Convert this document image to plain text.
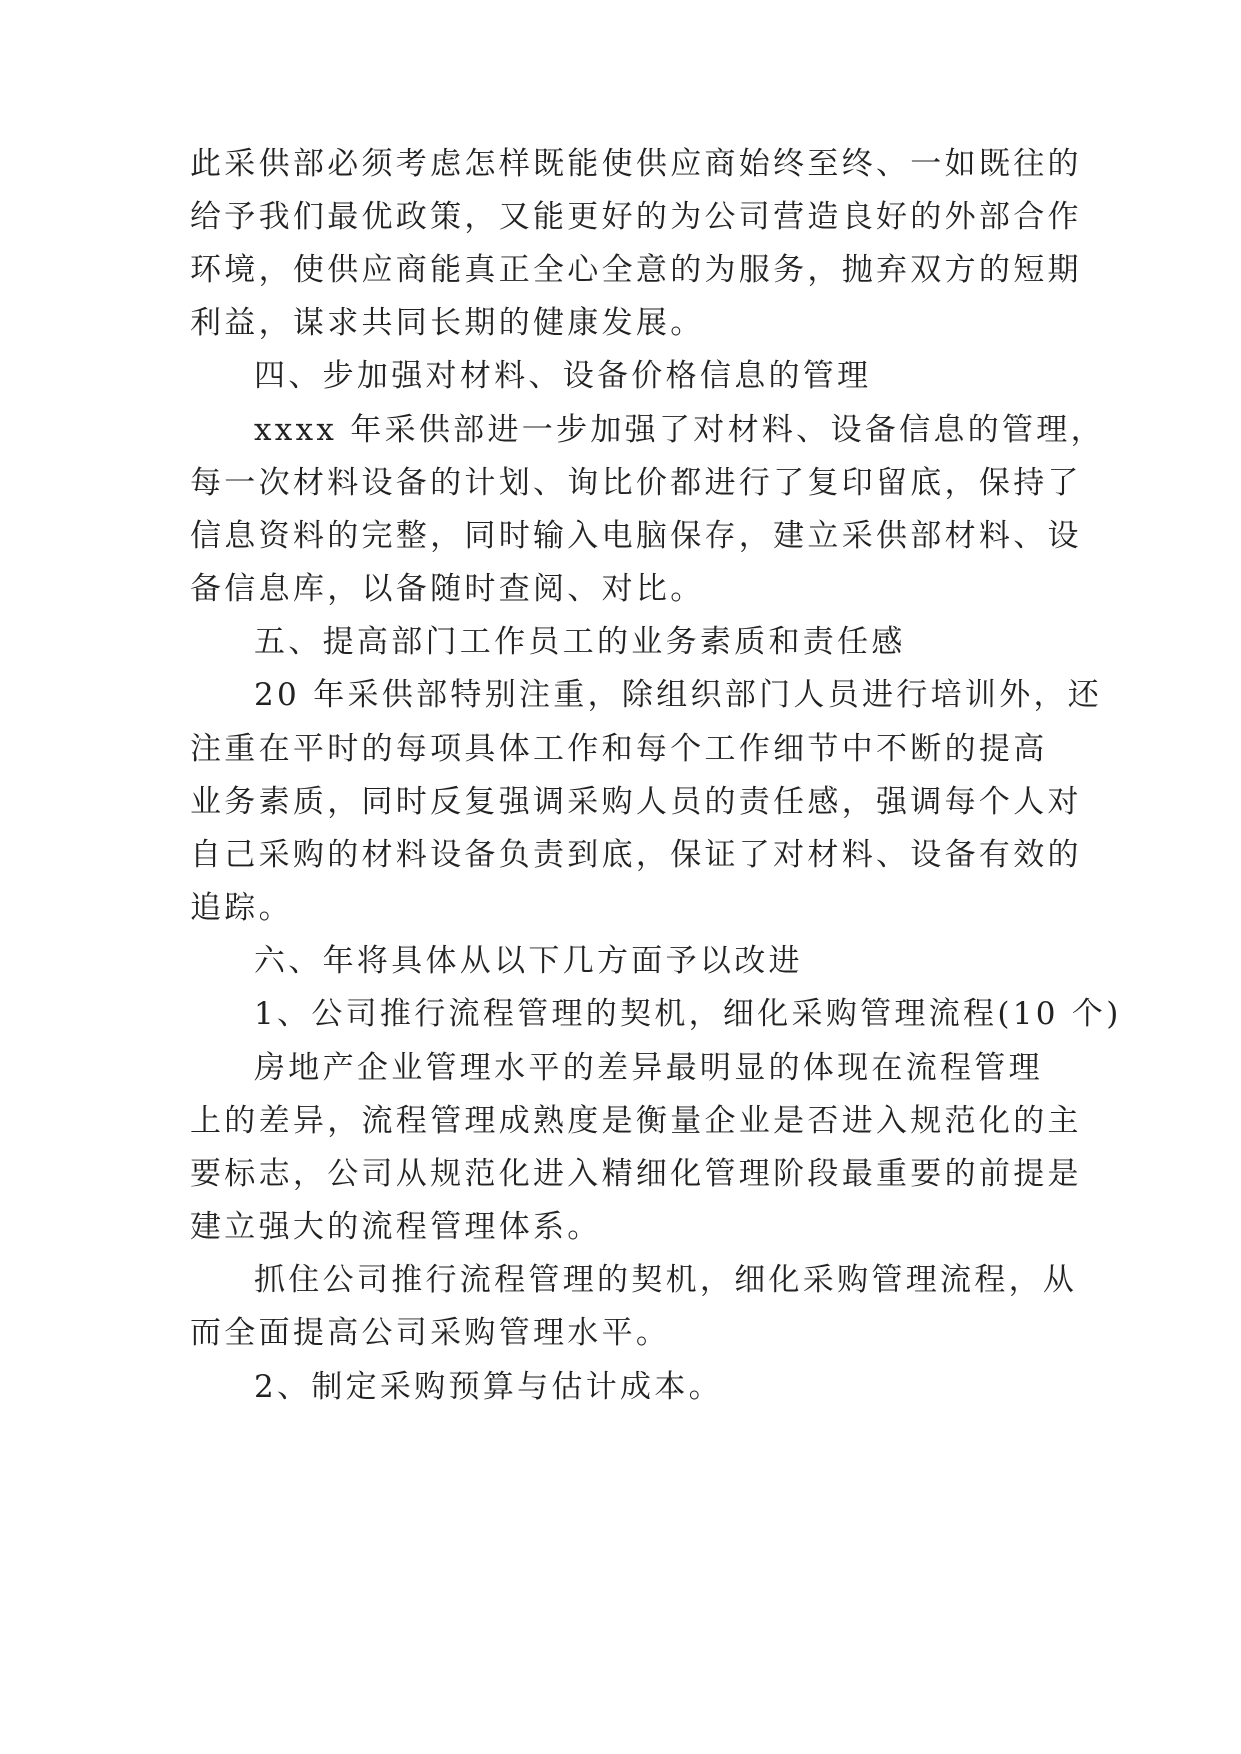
此采供部必须考虑怎样既能使供应商始终至终、一如既往的
给予我们最优政策，又能更好的为公司营造良好的外部合作
环境，使供应商能真正全心全意的为服务，抛弃双方的短期
利益，谋求共同长期的健康发展。
四、步加强对材料、设备价格信息的管理
xxxx 年采供部进一步加强了对材料、设备信息的管理，
每一次材料设备的计划、询比价都进行了复印留底，保持了
信息资料的完整，同时输入电脑保存，建立采供部材料、设
备信息库，以备随时查阅、对比。
五、提高部门工作员工的业务素质和责任感
20 年采供部特别注重，除组织部门人员进行培训外，还
注重在平时的每项具体工作和每个工作细节中不断的提高
业务素质，同时反复强调采购人员的责任感，强调每个人对
自己采购的材料设备负责到底，保证了对材料、设备有效的
追踪。
六、年将具体从以下几方面予以改进
1、公司推行流程管理的契机，细化采购管理流程(10 个)
房地产企业管理水平的差异最明显的体现在流程管理
上的差异，流程管理成熟度是衡量企业是否进入规范化的主
要标志，公司从规范化进入精细化管理阶段最重要的前提是
建立强大的流程管理体系。
抓住公司推行流程管理的契机，细化采购管理流程，从
而全面提高公司采购管理水平。
2、制定采购预算与估计成本。
